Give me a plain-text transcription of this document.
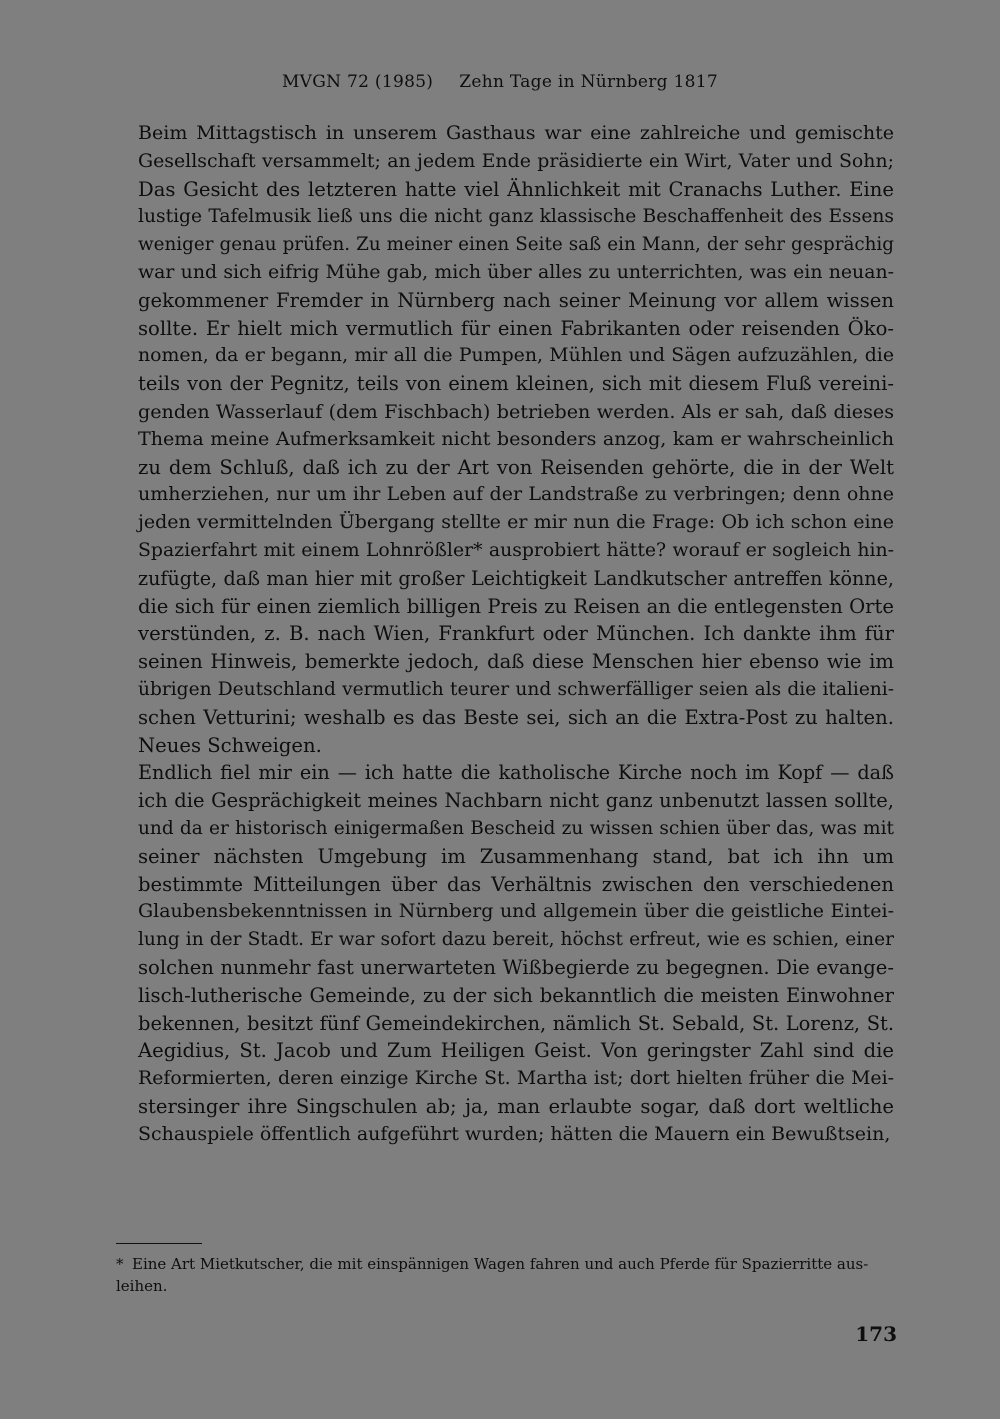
MVGN 72 (1985) Zehn Tage in Nürnberg 1817

Beim Mittagstisch in unserem Gasthaus war eine zahlreiche und gemischte
Gesellschaft versammelt; an jedem Ende präsidierte ein Wirt, Vater und Sohn;
Das Gesicht des letzteren hatte viel Ähnlichkeit mit Cranachs Luther. Eine
lustige Tafelmusik ließ uns die nicht ganz klassische Beschaffenheit des Essens
weniger genau prüfen. Zu meiner einen Seite saß ein Mann, der sehr gesprächig
war und sich eifrig Mühe gab, mich über alles zu unterrichten, was ein neuan-
gekommener Fremder in Nürnberg nach seiner Meinung vor allem wissen
sollte. Er hielt mich vermutlich für einen Fabrikanten oder reisenden Öko-
nomen, da er begann, mir all die Pumpen, Mühlen und Sägen aufzuzählen, die
teils von der Pegnitz, teils von einem kleinen, sich mit diesem Fluß vereini-
genden Wasserlauf (dem Fischbach) betrieben werden. Als er sah, daß dieses
Thema meine Aufmerksamkeit nicht besonders anzog, kam er wahrscheinlich
zu dem Schluß, daß ich zu der Art von Reisenden gehörte, die in der Welt
umherziehen, nur um ihr Leben auf der Landstraße zu verbringen; denn ohne
jeden vermittelnden Übergang stellte er mir nun die Frage: Ob ich schon eine
Spazierfahrt mit einem Lohnrößler* ausprobiert hätte? worauf er sogleich hin-
zufügte, daß man hier mit großer Leichtigkeit Landkutscher antreffen könne,
die sich für einen ziemlich billigen Preis zu Reisen an die entlegensten Orte
verstünden, z. B. nach Wien, Frankfurt oder München. Ich dankte ihm für
seinen Hinweis, bemerkte jedoch, daß diese Menschen hier ebenso wie im
übrigen Deutschland vermutlich teurer und schwerfälliger seien als die italieni-
schen Vetturini; weshalb es das Beste sei, sich an die Extra-Post zu halten.
Neues Schweigen.

Endlich fiel mir ein — ich hatte die katholische Kirche noch im Kopf — daß
ich die Gesprächigkeit meines Nachbarn nicht ganz unbenutzt lassen sollte,
und da er historisch einigermaßen Bescheid zu wissen schien über das, was mit
seiner nächsten Umgebung im Zusammenhang stand, bat ich ihn um
bestimmte Mitteilungen über das Verhältnis zwischen den verschiedenen
Glaubensbekenntnissen in Nürnberg und allgemein über die geistliche Eintei-
lung in der Stadt. Er war sofort dazu bereit, höchst erfreut, wie es schien, einer
solchen nunmehr fast unerwarteten Wißbegierde zu begegnen. Die evange-
lisch-lutherische Gemeinde, zu der sich bekanntlich die meisten Einwohner
bekennen, besitzt fünf Gemeindekirchen, nämlich St. Sebald, St. Lorenz, St.
Aegidius, St. Jacob und Zum Heiligen Geist. Von geringster Zahl sind die
Reformierten, deren einzige Kirche St. Martha ist; dort hielten früher die Mei-
stersinger ihre Singschulen ab; ja, man erlaubte sogar, daß dort weltliche
Schauspiele öffentlich aufgeführt wurden; hätten die Mauern ein Bewußtsein,

* Eine Art Mietkutscher, die mit einspännigen Wagen fahren und auch Pferde für Spazierritte aus-
leihen.
173
